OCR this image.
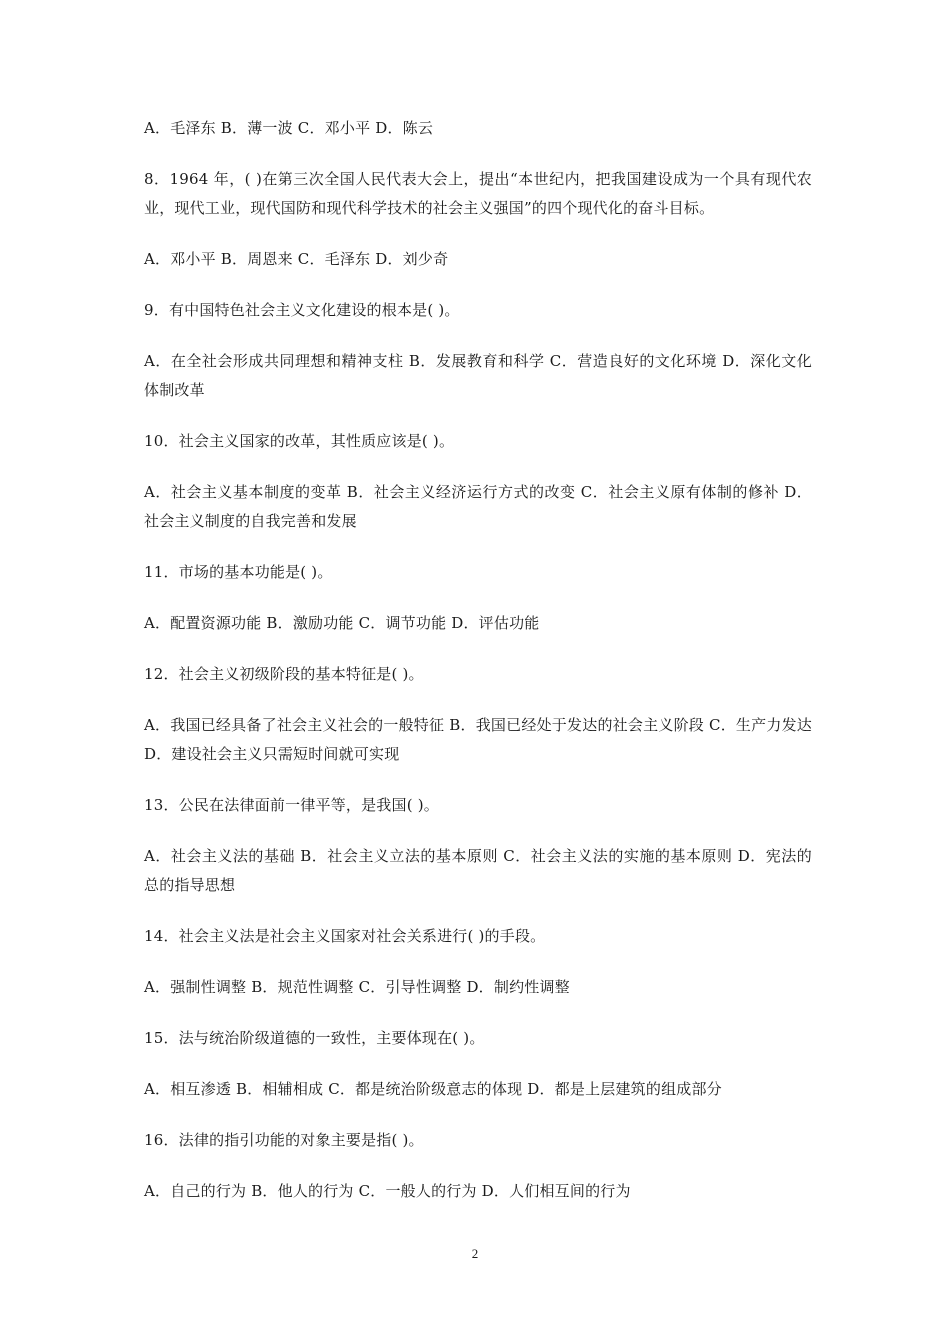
A．毛泽东 B．薄一波 C．邓小平 D．陈云

8．1964 年，( )在第三次全国人民代表大会上，提出“本世纪内，把我国建设成为一个具有现代农业，现代工业，现代国防和现代科学技术的社会主义强国”的四个现代化的奋斗目标。

A．邓小平 B．周恩来 C．毛泽东 D．刘少奇

9．有中国特色社会主义文化建设的根本是( )。

A．在全社会形成共同理想和精神支柱 B．发展教育和科学 C．营造良好的文化环境 D．深化文化体制改革

10．社会主义国家的改革，其性质应该是( )。

A．社会主义基本制度的变革 B．社会主义经济运行方式的改变 C．社会主义原有体制的修补 D．社会主义制度的自我完善和发展

11．市场的基本功能是( )。

A．配置资源功能 B．激励功能 C．调节功能 D．评估功能

12．社会主义初级阶段的基本特征是( )。

A．我国已经具备了社会主义社会的一般特征 B．我国已经处于发达的社会主义阶段 C．生产力发达 D．建设社会主义只需短时间就可实现

13．公民在法律面前一律平等，是我国( )。

A．社会主义法的基础 B．社会主义立法的基本原则 C．社会主义法的实施的基本原则 D．宪法的总的指导思想

14．社会主义法是社会主义国家对社会关系进行( )的手段。

A．强制性调整 B．规范性调整 C．引导性调整 D．制约性调整

15．法与统治阶级道德的一致性，主要体现在( )。

A．相互渗透 B．相辅相成 C．都是统治阶级意志的体现 D．都是上层建筑的组成部分

16．法律的指引功能的对象主要是指( )。

A．自己的行为 B．他人的行为 C．一般人的行为 D．人们相互间的行为

2
